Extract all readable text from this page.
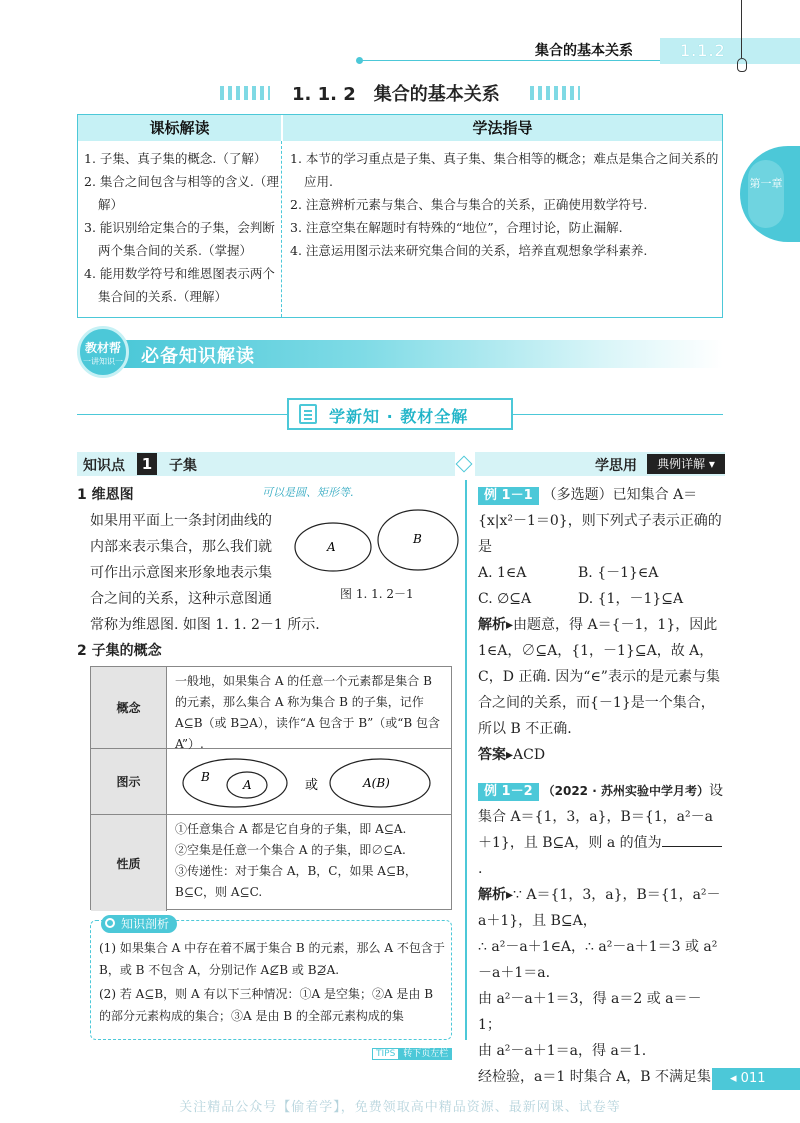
集合的基本关系	1.1.2
1. 1. 2　集合的基本关系
课标解读	学法指导
1. 子集、真子集的概念.（了解）
2. 集合之间包含与相等的含义.（理解）
3. 能识别给定集合的子集，会判断两个集合间的关系.（掌握）
4. 能用数学符号和维恩图表示两个集合间的关系.（理解）
1. 本节的学习重点是子集、真子集、集合相等的概念；难点是集合之间关系的应用.
2. 注意辨析元素与集合、集合与集合的关系，正确使用数学符号.
3. 注意空集在解题时有特殊的“地位”，合理讨论，防止漏解.
4. 注意运用图示法来研究集合间的关系，培养直观想象学科素养.
第一章
必备知识解读
教材帮
一讲知识一
学新知 · 教材全解
知识点	1	子集	学思用	典例详解 ▾
1 维恩图	可以是圆、矩形等.
如果用平面上一条封闭曲线的
内部来表示集合，那么我们就
可作出示意图来形象地表示集
合之间的关系，这种示意图通
常称为维恩图. 如图 1. 1. 2－1 所示.
A
B
图 1. 1. 2－1
2 子集的概念
概念
一般地，如果集合 A 的任意一个元素都是集合 B 的元素，那么集合 A 称为集合 B 的子集，记作 A⊆B（或 B⊇A），读作“A 包含于 B”（或“B 包含 A”）.
图示	B
A	或	A(B)
性质
①任意集合 A 都是它自身的子集，即 A⊆A.
②空集是任意一个集合 A 的子集，即∅⊆A.
③传递性：对于集合 A，B，C，如果 A⊆B，B⊆C，则 A⊆C.
知识剖析

(1) 如果集合 A 中存在着不属于集合 B 的元素，那么 A 不包含于 B，或 B 不包含 A，分别记作 A⊈B 或 B⊉A.

(2) 若 A⊆B，则 A 有以下三种情况：①A 是空集；②A 是由 B 的部分元素构成的集合；③A 是由 B 的全部元素构成的集

TIPS 转下页左栏
例 1－1 （多选题）已知集合 A＝{x|x²－1＝0}，则下列式子表示正确的是
A. 1∈A	B. {－1}∈A
C. ∅⊆A	D. {1，－1}⊆A
解析▸由题意，得 A＝{－1，1}，因此 1∈A，∅⊆A，{1，－1}⊆A，故 A，C，D 正确. 因为“∈”表示的是元素与集合之间的关系，而{－1}是一个集合，所以 B 不正确.
答案▸ACD
例 1－2 （2022 · 苏州实验中学月考）设集合 A＝{1，3，a}，B＝{1，a²－a＋1}，且 B⊆A，则 a 的值为.
解析▸∵ A＝{1，3，a}，B＝{1，a²－a＋1}，且 B⊆A，
∴ a²－a＋1∈A，∴ a²－a＋1＝3 或 a²－a＋1＝a.
由 a²－a＋1＝3，得 a＝2 或 a＝－1；
由 a²－a＋1＝a，得 a＝1.
经检验，a＝1 时集合 A，B 不满足集	◂ 011
关注精品公众号【偷着学】，免费领取高中精品资源、最新网课、试卷等
